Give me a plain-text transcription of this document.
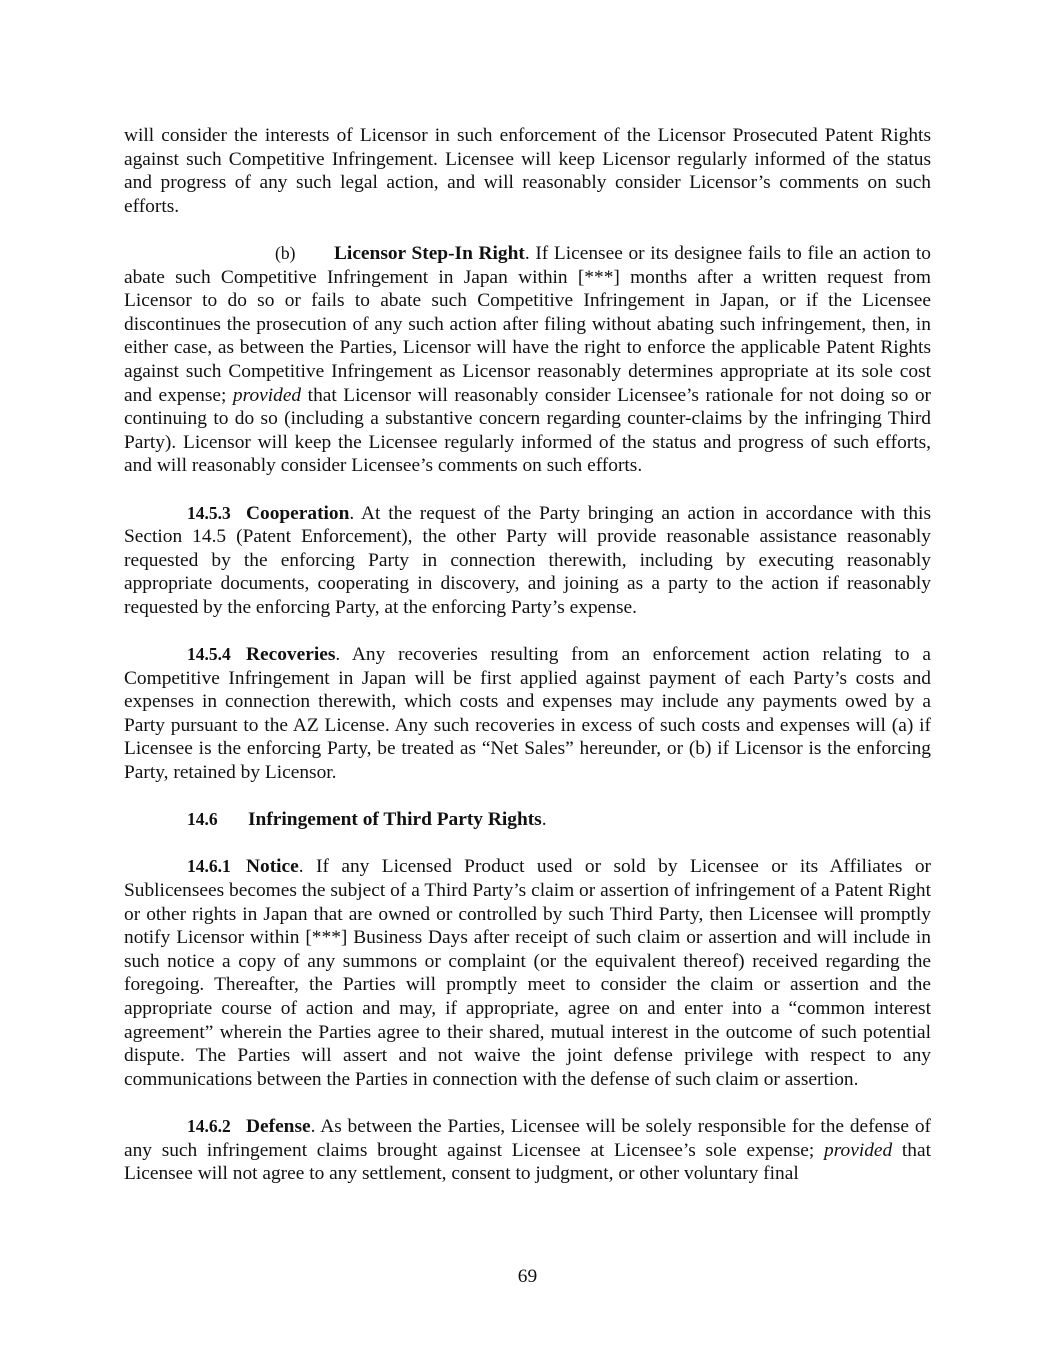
will consider the interests of Licensor in such enforcement of the Licensor Prosecuted Patent Rights against such Competitive Infringement. Licensee will keep Licensor regularly informed of the status and progress of any such legal action, and will reasonably consider Licensor’s comments on such efforts.

(b) Licensor Step-In Right. If Licensee or its designee fails to file an action to abate such Competitive Infringement in Japan within [***] months after a written request from Licensor to do so or fails to abate such Competitive Infringement in Japan, or if the Licensee discontinues the prosecution of any such action after filing without abating such infringement, then, in either case, as between the Parties, Licensor will have the right to enforce the applicable Patent Rights against such Competitive Infringement as Licensor reasonably determines appropriate at its sole cost and expense; provided that Licensor will reasonably consider Licensee’s rationale for not doing so or continuing to do so (including a substantive concern regarding counter-claims by the infringing Third Party). Licensor will keep the Licensee regularly informed of the status and progress of such efforts, and will reasonably consider Licensee’s comments on such efforts.

14.5.3 Cooperation. At the request of the Party bringing an action in accordance with this Section 14.5 (Patent Enforcement), the other Party will provide reasonable assistance reasonably requested by the enforcing Party in connection therewith, including by executing reasonably appropriate documents, cooperating in discovery, and joining as a party to the action if reasonably requested by the enforcing Party, at the enforcing Party’s expense.

14.5.4 Recoveries. Any recoveries resulting from an enforcement action relating to a Competitive Infringement in Japan will be first applied against payment of each Party’s costs and expenses in connection therewith, which costs and expenses may include any payments owed by a Party pursuant to the AZ License. Any such recoveries in excess of such costs and expenses will (a) if Licensee is the enforcing Party, be treated as “Net Sales” hereunder, or (b) if Licensor is the enforcing Party, retained by Licensor.

14.6 Infringement of Third Party Rights.

14.6.1 Notice. If any Licensed Product used or sold by Licensee or its Affiliates or Sublicensees becomes the subject of a Third Party’s claim or assertion of infringement of a Patent Right or other rights in Japan that are owned or controlled by such Third Party, then Licensee will promptly notify Licensor within [***] Business Days after receipt of such claim or assertion and will include in such notice a copy of any summons or complaint (or the equivalent thereof) received regarding the foregoing. Thereafter, the Parties will promptly meet to consider the claim or assertion and the appropriate course of action and may, if appropriate, agree on and enter into a “common interest agreement” wherein the Parties agree to their shared, mutual interest in the outcome of such potential dispute. The Parties will assert and not waive the joint defense privilege with respect to any communications between the Parties in connection with the defense of such claim or assertion.

14.6.2 Defense. As between the Parties, Licensee will be solely responsible for the defense of any such infringement claims brought against Licensee at Licensee’s sole expense; provided that Licensee will not agree to any settlement, consent to judgment, or other voluntary final

69
